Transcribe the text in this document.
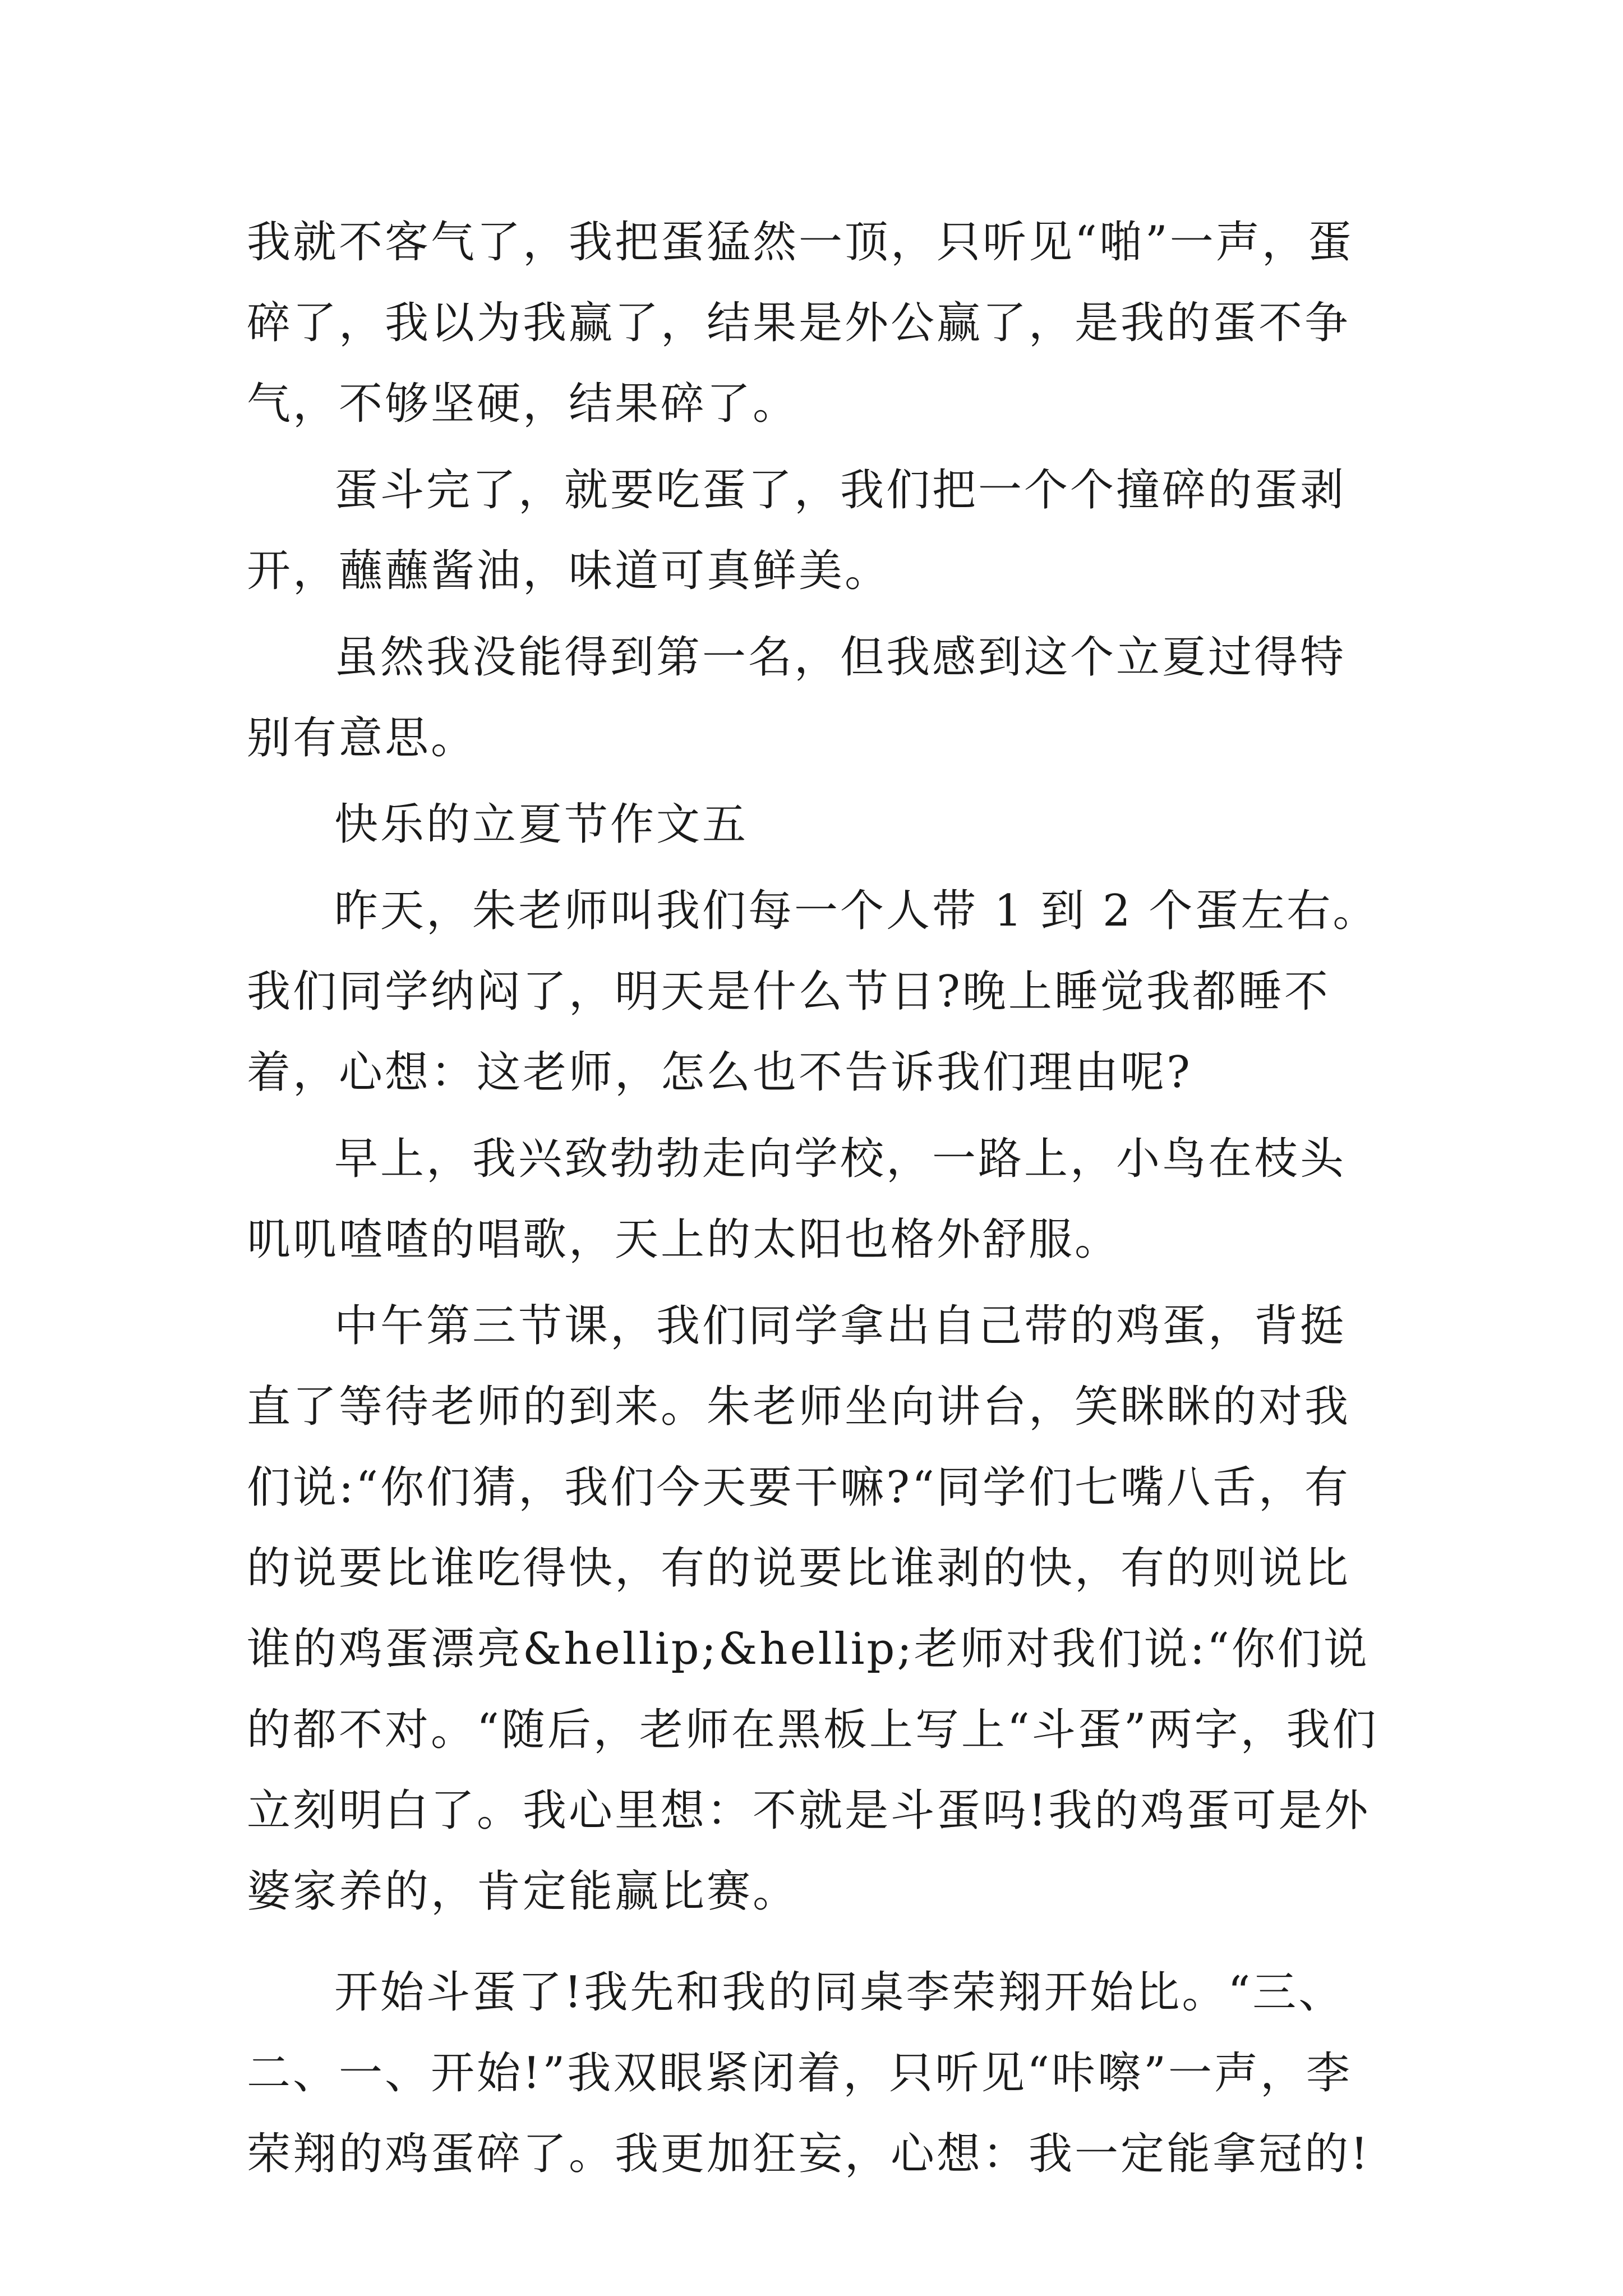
我就不客气了，我把蛋猛然一顶，只听见“啪”一声，蛋碎了，我以为我赢了，结果是外公赢了，是我的蛋不争气，不够坚硬，结果碎了。

蛋斗完了，就要吃蛋了，我们把一个个撞碎的蛋剥开，蘸蘸酱油，味道可真鲜美。

虽然我没能得到第一名，但我感到这个立夏过得特别有意思。

快乐的立夏节作文五

昨天，朱老师叫我们每一个人带 1 到 2 个蛋左右。我们同学纳闷了，明天是什么节日?晚上睡觉我都睡不着，心想：这老师，怎么也不告诉我们理由呢?

早上，我兴致勃勃走向学校，一路上，小鸟在枝头叽叽喳喳的唱歌，天上的太阳也格外舒服。

中午第三节课，我们同学拿出自己带的鸡蛋，背挺直了等待老师的到来。朱老师坐向讲台，笑眯眯的对我们说:“你们猜，我们今天要干嘛?“同学们七嘴八舌，有的说要比谁吃得快，有的说要比谁剥的快，有的则说比谁的鸡蛋漂亮&hellip;&hellip;老师对我们说:“你们说的都不对。“随后，老师在黑板上写上“斗蛋”两字，我们立刻明白了。我心里想：不就是斗蛋吗!我的鸡蛋可是外婆家养的，肯定能赢比赛。

开始斗蛋了!我先和我的同桌李荣翔开始比。“三、二、一、开始!”我双眼紧闭着，只听见“咔嚓”一声，李荣翔的鸡蛋碎了。我更加狂妄，心想：我一定能拿冠的!
